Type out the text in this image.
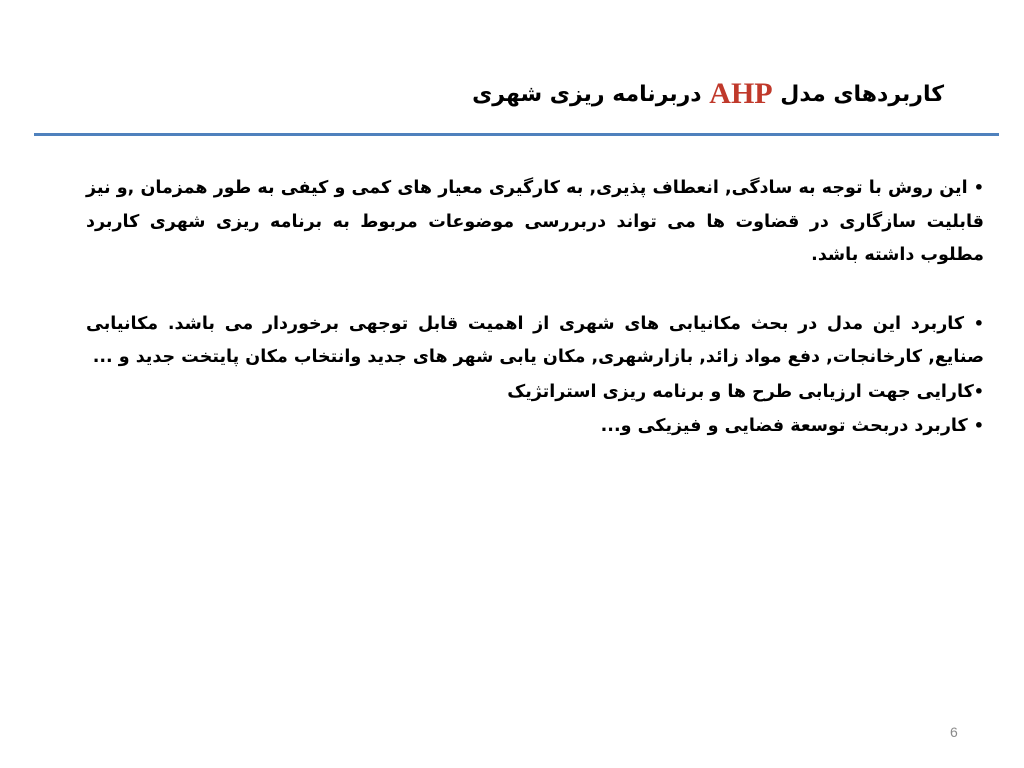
کاربردهای مدل AHP دربرنامه ریزی شهری

• این روش با توجه به سادگی, انعطاف پذیری, به کارگیری معیار های کمی و کیفی به طور همزمان ,و نیز قابلیت سازگاری در قضاوت ها می تواند دربررسی موضوعات مربوط به برنامه ریزی شهری کاربرد مطلوب داشته باشد.

• کاربرد این مدل در بحث مکانیابی های شهری از اهمیت قابل توجهی برخوردار می باشد. مکانیابی صنایع, کارخانجات, دفع مواد زائد, بازارشهری, مکان یابی شهر های جدید وانتخاب مکان پایتخت جدید و ...

•کارایی جهت ارزیابی طرح ها و برنامه ریزی استراتژیک

• کاربرد دربحث توسعة فضایی و فیزیکی و...

6
